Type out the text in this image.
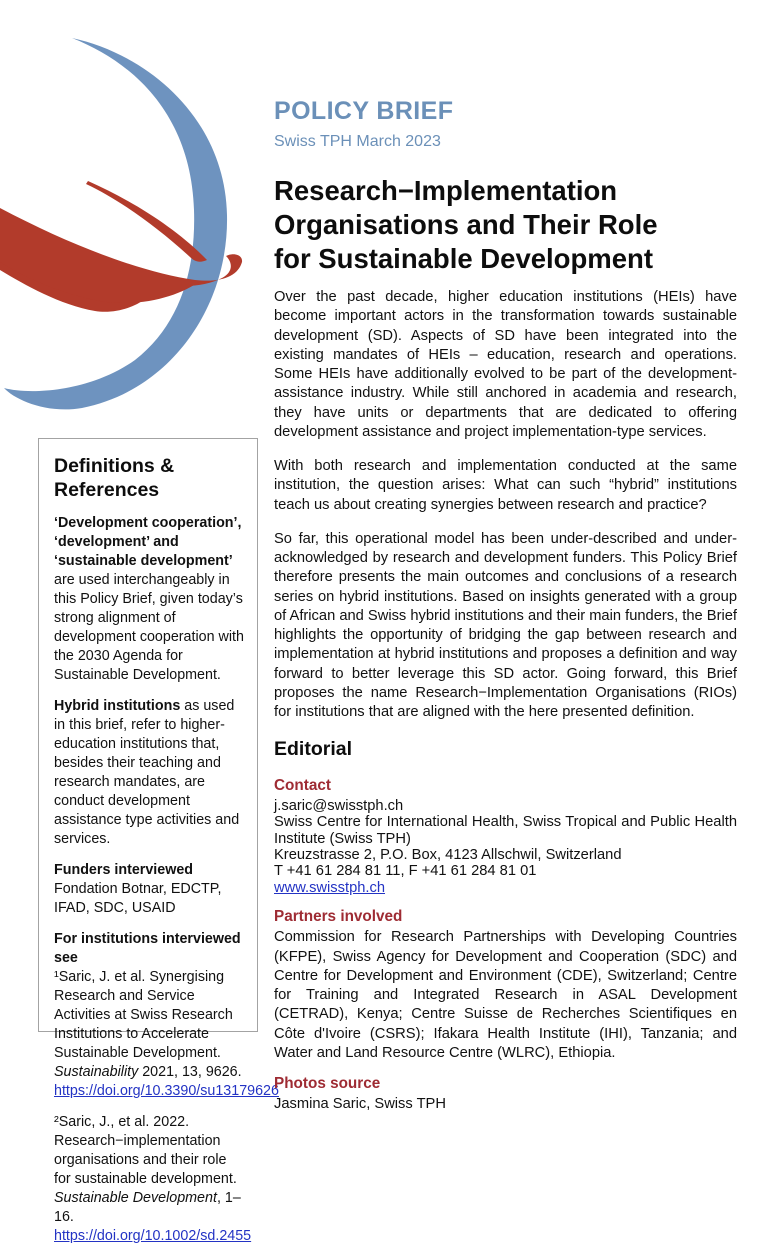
Definitions & References

‘Development cooperation’, ‘development’ and ‘sustainable development’ are used interchangeably in this Policy Brief, given today’s strong alignment of development cooperation with the 2030 Agenda for Sustainable Development.

Hybrid institutions as used in this brief, refer to higher-education institutions that, besides their teaching and research mandates, are conduct development assistance type activities and services.

Funders interviewed Fondation Botnar, EDCTP, IFAD, SDC, USAID

For institutions interviewed see
¹Saric, J. et al. Synergising Research and Service Activities at Swiss Research Institutions to Accelerate Sustainable Development. Sustainability 2021, 13, 9626.
https://doi.org/10.3390/su13179626

²Saric, J., et al. 2022. Research−implementation organisations and their role for sustainable development. Sustainable Development, 1–16.
https://doi.org/10.1002/sd.2455

POLICY BRIEF
Swiss TPH March 2023
Research−Implementation
Organisations and Their Role
for Sustainable Development

Over the past decade, higher education institutions (HEIs) have become important actors in the transformation towards sustainable development (SD). Aspects of SD have been integrated into the existing mandates of HEIs – education, research and operations. Some HEIs have additionally evolved to be part of the development-assistance industry. While still anchored in academia and research, they have units or departments that are dedicated to offering development assistance and project implementation-type services.

With both research and implementation conducted at the same institution, the question arises: What can such “hybrid” institutions teach us about creating synergies between research and practice?

So far, this operational model has been under-described and under-acknowledged by research and development funders. This Policy Brief therefore presents the main outcomes and conclusions of a research series on hybrid institutions. Based on insights generated with a group of African and Swiss hybrid institutions and their main funders, the Brief highlights the opportunity of bridging the gap between research and implementation at hybrid institutions and proposes a definition and way forward to better leverage this SD actor. Going forward, this Brief proposes the name Research−Implementation Organisations (RIOs) for institutions that are aligned with the here presented definition.

Editorial
Contact
j.saric@swisstph.ch
Swiss Centre for International Health, Swiss Tropical and Public Health Institute (Swiss TPH)
Kreuzstrasse 2, P.O. Box, 4123 Allschwil, Switzerland
T +41 61 284 81 11, F +41 61 284 81 01
www.swisstph.ch
Partners involved

Commission for Research Partnerships with Developing Countries (KFPE), Swiss Agency for Development and Cooperation (SDC) and Centre for Development and Environment (CDE), Switzerland; Centre for Training and Integrated Research in ASAL Development (CETRAD), Kenya; Centre Suisse de Recherches Scientifiques en Côte d'Ivoire (CSRS); Ifakara Health Institute (IHI), Tanzania; and Water and Land Resource Centre (WLRC), Ethiopia.

Photos source
Jasmina Saric, Swiss TPH
